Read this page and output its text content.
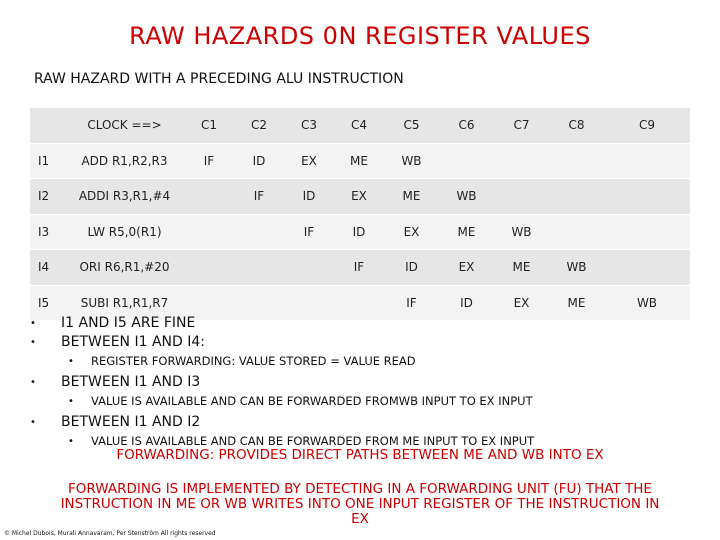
RAW HAZARDS 0N REGISTER VALUES
RAW HAZARD WITH A PRECEDING ALU INSTRUCTION
	CLOCK ==>	C1	C2	C3	C4	C5	C6	C7	C8	C9
I1	ADD R1,R2,R3	IF	ID	EX	ME	WB				
I2	ADDI R3,R1,#4		IF	ID	EX	ME	WB			
I3	LW R5,0(R1)			IF	ID	EX	ME	WB		
I4	ORI R6,R1,#20				IF	ID	EX	ME	WB	
I5	SUBI R1,R1,R7					IF	ID	EX	ME	WB
• I1 AND I5 ARE FINE
• BETWEEN I1 AND I4:
• REGISTER FORWARDING: VALUE STORED = VALUE READ
• BETWEEN I1 AND I3
• VALUE IS AVAILABLE AND CAN BE FORWARDED FROMWB INPUT TO EX INPUT
• BETWEEN I1 AND I2
• VALUE IS AVAILABLE AND CAN BE FORWARDED FROM ME INPUT TO EX INPUT
FORWARDING: PROVIDES DIRECT PATHS BETWEEN ME AND WB INTO EX
FORWARDING IS IMPLEMENTED BY DETECTING IN A FORWARDING UNIT (FU) THAT THE INSTRUCTION IN ME OR WB WRITES INTO ONE INPUT REGISTER OF THE INSTRUCTION IN EX
© Michel Dubois, Murali Annavaram, Per Stenström All rights reserved
